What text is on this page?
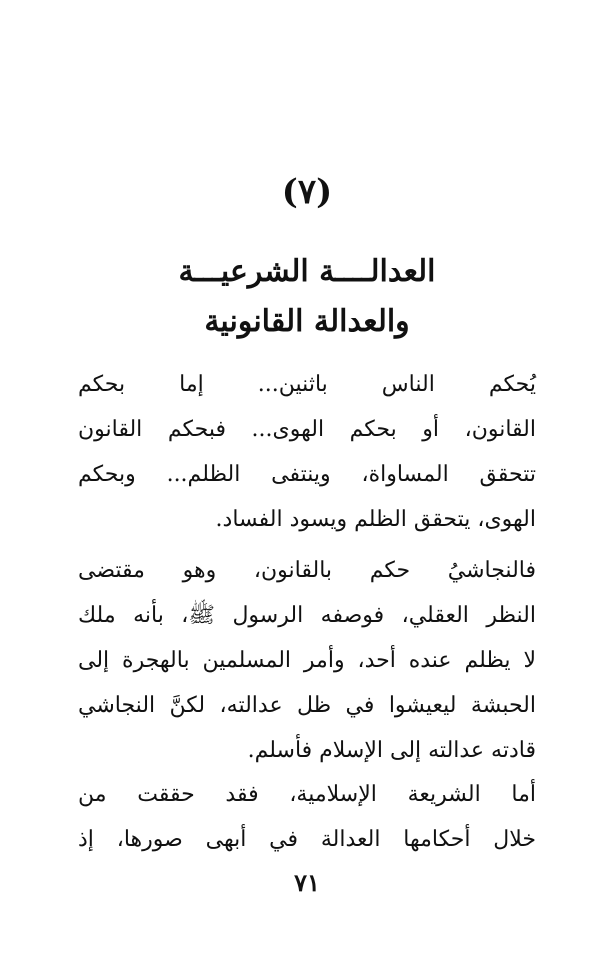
(٧)
العدالــــة الشرعيـــة
والعدالة القانونية
يُحكم الناس باثنين... إما بحكم
القانون، أو بحكم الهوى... فبحكم القانون
تتحقق المساواة، وينتفى الظلم... وبحكم
الهوى، يتحقق الظلم ويسود الفساد.
فالنجاشيُ حكم بالقانون، وهو مقتضى
النظر العقلي، فوصفه الرسول ﷺ، بأنه ملك
لا يظلم عنده أحد، وأمر المسلمين بالهجرة إلى
الحبشة ليعيشوا في ظل عدالته، لكنَّ النجاشي
قادته عدالته إلى الإسلام فأسلم.
أما الشريعة الإسلامية، فقد حققت من
خلال أحكامها العدالة في أبهى صورها، إذ
٧١
